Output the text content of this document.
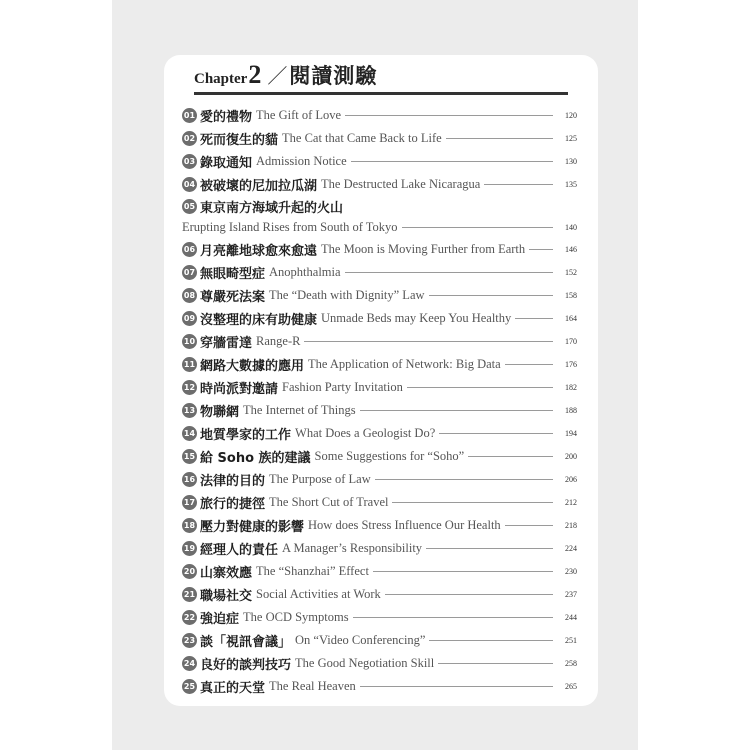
Chapter 2 ／ 閱讀測驗
01 愛的禮物 The Gift of Love	120
02 死而復生的貓 The Cat that Came Back to Life	125
03 錄取通知 Admission Notice	130
04 被破壞的尼加拉瓜湖 The Destructed Lake Nicaragua	135
05 東京南方海域升起的火山
Erupting Island Rises from South of Tokyo	140
06 月亮離地球愈來愈遠 The Moon is Moving Further from Earth	146
07 無眼畸型症 Anophthalmia	152
08 尊嚴死法案 The “Death with Dignity” Law	158
09 沒整理的床有助健康 Unmade Beds may Keep You Healthy	164
10 穿牆雷達 Range-R	170
11 網路大數據的應用 The Application of Network: Big Data	176
12 時尚派對邀請 Fashion Party Invitation	182
13 物聯網 The Internet of Things	188
14 地質學家的工作 What Does a Geologist Do?	194
15 給 Soho 族的建議 Some Suggestions for “Soho”	200
16 法律的目的 The Purpose of Law	206
17 旅行的捷徑 The Short Cut of Travel	212
18 壓力對健康的影響 How does Stress Influence Our Health	218
19 經理人的責任 A Manager’s Responsibility	224
20 山寨效應 The “Shanzhai” Effect	230
21 職場社交 Social Activities at Work	237
22 強迫症 The OCD Symptoms	244
23 談「視訊會議」 On “Video Conferencing”	251
24 良好的談判技巧 The Good Negotiation Skill	258
25 真正的天堂 The Real Heaven	265
